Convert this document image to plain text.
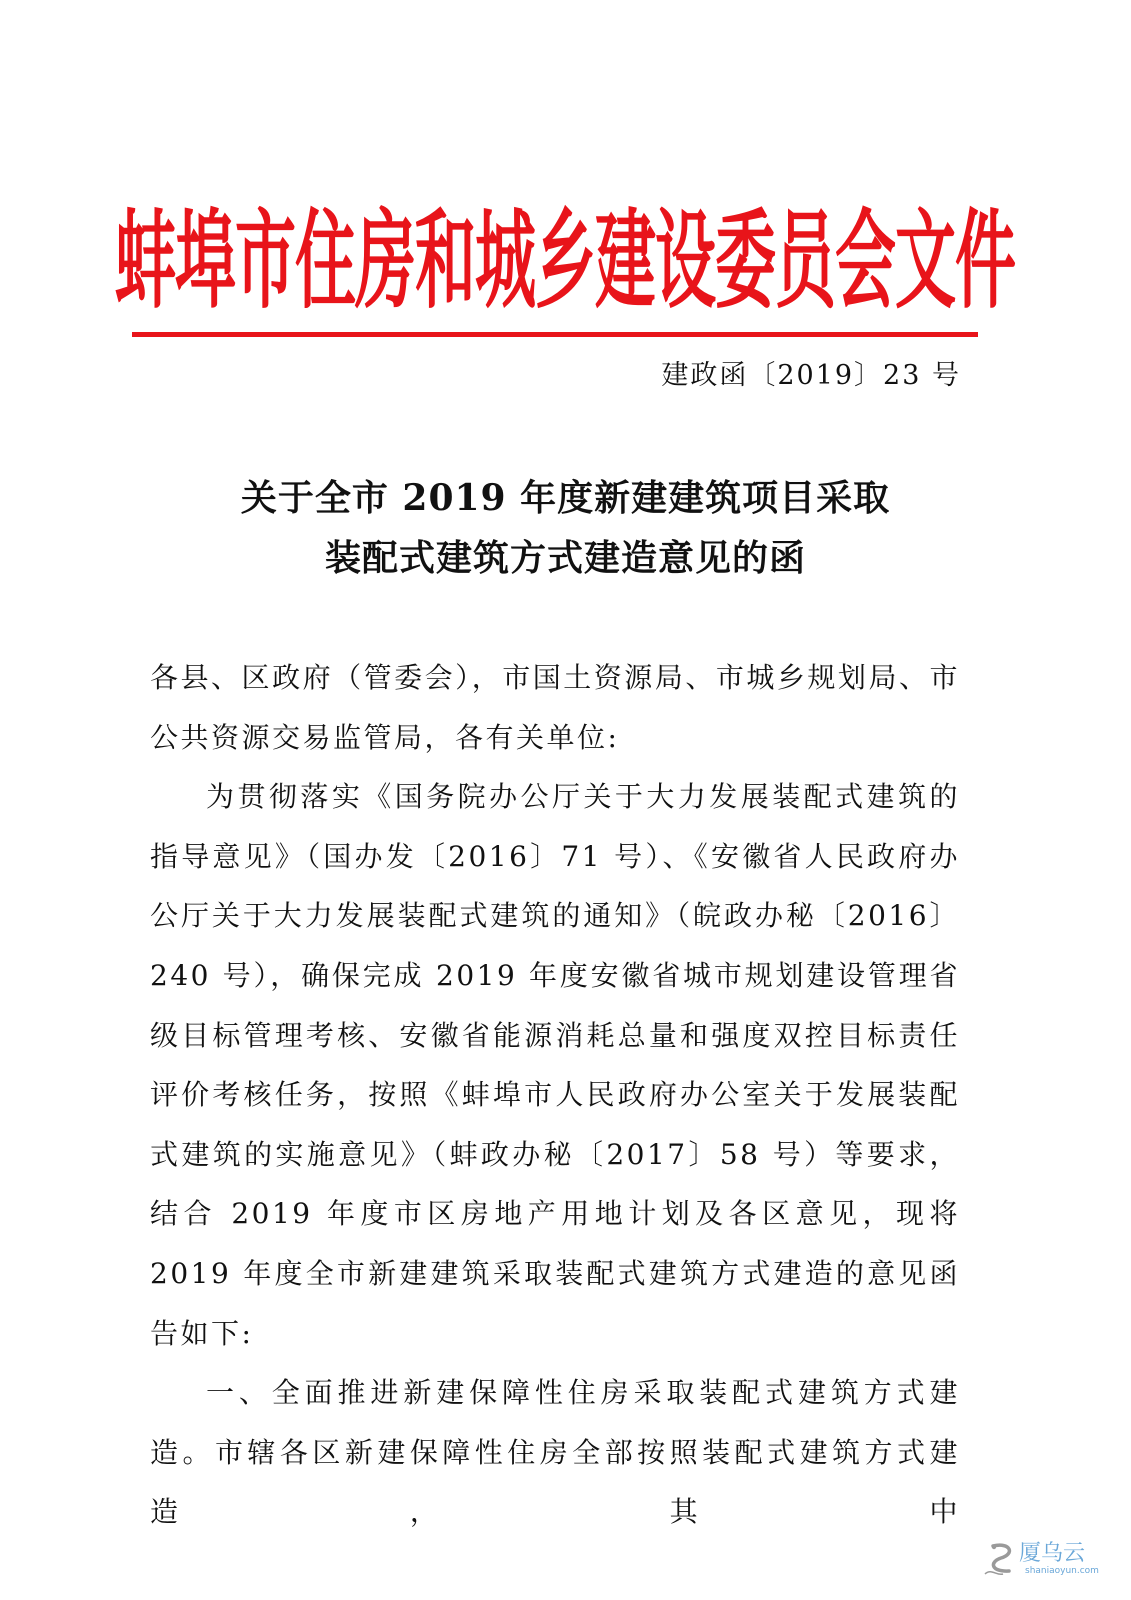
蚌埠市住房和城乡建设委员会文件
建政函〔2019〕23 号
关于全市 2019 年度新建建筑项目采取
装配式建筑方式建造意见的函

各县、区政府（管委会），市国土资源局、市城乡规划局、市公共资源交易监管局，各有关单位:

为贯彻落实《国务院办公厅关于大力发展装配式建筑的指导意见》（国办发〔2016〕71 号）、《安徽省人民政府办公厅关于大力发展装配式建筑的通知》（皖政办秘〔2016〕240 号），确保完成 2019 年度安徽省城市规划建设管理省级目标管理考核、安徽省能源消耗总量和强度双控目标责任评价考核任务，按照《蚌埠市人民政府办公室关于发展装配式建筑的实施意见》（蚌政办秘〔2017〕58 号）等要求，结合 2019 年度市区房地产用地计划及各区意见，现将 2019 年度全市新建建筑采取装配式建筑方式建造的意见函告如下:

一、全面推进新建保障性住房采取装配式建筑方式建造。市辖各区新建保障性住房全部按照装配式建筑方式建造，其中

厦乌云
shaniaoyun.com
